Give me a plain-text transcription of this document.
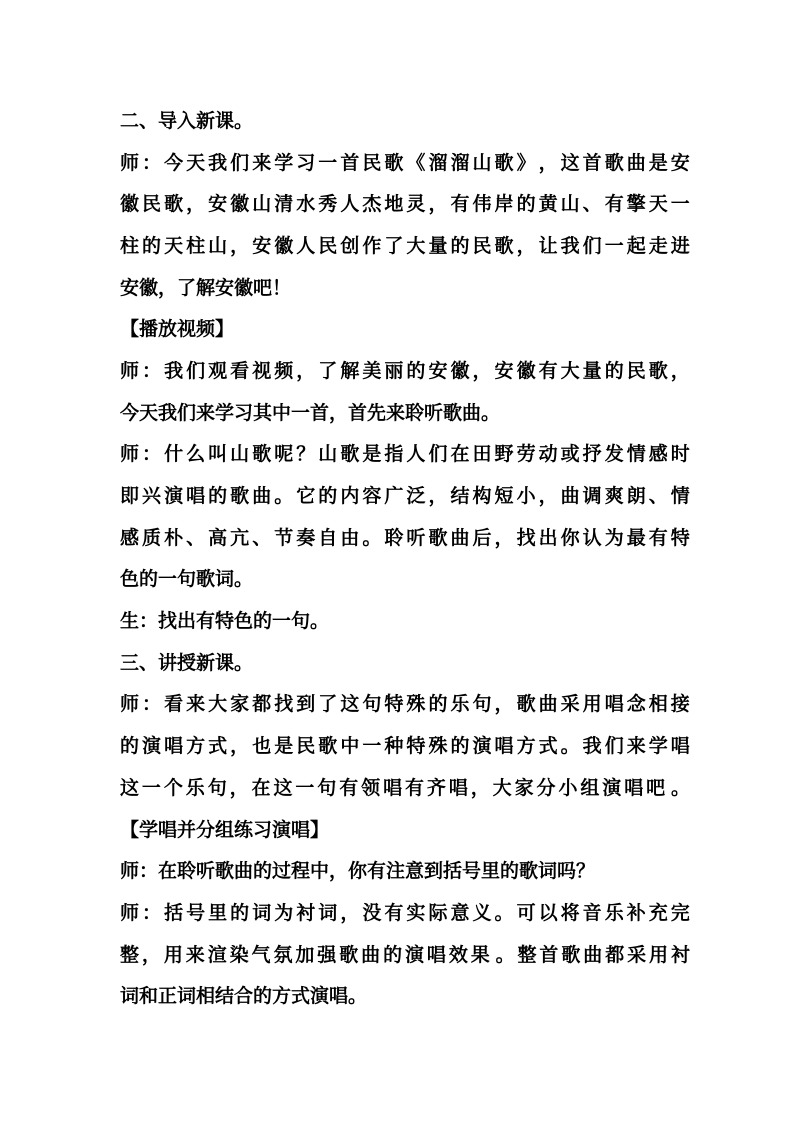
二、导入新课。
师 ： 今 天 我 们 来 学 习 一 首 民 歌 《 溜 溜 山 歌 》 ， 这 首 歌 曲 是 安
徽 民 歌 ， 安 徽 山 清 水 秀 人 杰 地 灵 ， 有 伟 岸 的 黄 山 、 有 擎 天 一
柱 的 天 柱 山 ， 安 徽 人 民 创 作 了 大 量 的 民 歌 ， 让 我 们 一 起 走 进
安徽，了解安徽吧！
【播放视频】
师 ： 我 们 观 看 视 频 ， 了 解 美 丽 的 安 徽 ， 安 徽 有 大 量 的 民 歌 ，
今天我们来学习其中一首，首先来聆听歌曲。
师 ： 什 么 叫 山 歌 呢 ？ 山 歌 是 指 人 们 在 田 野 劳 动 或 抒 发 情 感 时
即 兴 演 唱 的 歌 曲 。 它 的 内 容 广 泛 ， 结 构 短 小 ， 曲 调 爽 朗 、 情
感 质 朴 、 高 亢 、 节 奏 自 由 。 聆 听 歌 曲 后 ， 找 出 你 认 为 最 有 特
色的一句歌词。
生：找出有特色的一句。
三、讲授新课。
师 ： 看 来 大 家 都 找 到 了 这 句 特 殊 的 乐 句 ， 歌 曲 采 用 唱 念 相 接
的 演 唱 方 式 ， 也 是 民 歌 中 一 种 特 殊 的 演 唱 方 式 。 我 们 来 学 唱
这 一 个 乐 句 ， 在 这 一 句 有 领 唱 有 齐 唱 ， 大 家 分 小 组 演 唱 吧 。
【学唱并分组练习演唱】
师：在聆听歌曲的过程中，你有注意到括号里的歌词吗？
师 ： 括 号 里 的 词 为 衬 词 ， 没 有 实 际 意 义 。 可 以 将 音 乐 补 充 完
整 ， 用 来 渲 染 气 氛 加 强 歌 曲 的 演 唱 效 果 。 整 首 歌 曲 都 采 用 衬
词和正词相结合的方式演唱。
